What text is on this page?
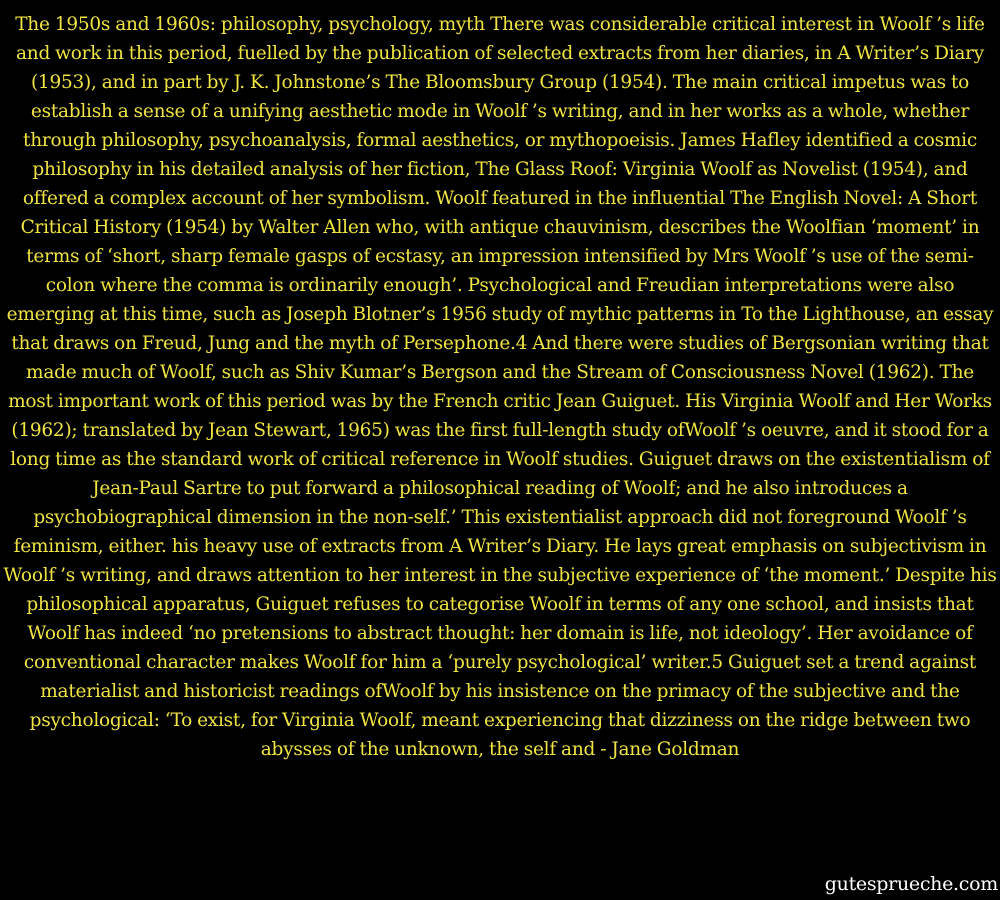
The 1950s and 1960s: philosophy, psychology, myth There was considerable critical interest in Woolf ’s life and work in this period, fuelled by the publication of selected extracts from her diaries, in A Writer’s Diary (1953), and in part by J. K. Johnstone’s The Bloomsbury Group (1954). The main critical impetus was to establish a sense of a unifying aesthetic mode in Woolf ’s writing, and in her works as a whole, whether through philosophy, psychoanalysis, formal aesthetics, or mythopoeisis. James Hafley identified a cosmic philosophy in his detailed analysis of her fiction, The Glass Roof: Virginia Woolf as Novelist (1954), and offered a complex account of her symbolism. Woolf featured in the influential The English Novel: A Short Critical History (1954) by Walter Allen who, with antique chauvinism, describes the Woolfian ‘moment’ in terms of ‘short, sharp female gasps of ecstasy, an impression intensified by Mrs Woolf ’s use of the semi-colon where the comma is ordinarily enough’. Psychological and Freudian interpretations were also emerging at this time, such as Joseph Blotner’s 1956 study of mythic patterns in To the Lighthouse, an essay that draws on Freud, Jung and the myth of Persephone.4 And there were studies of Bergsonian writing that made much of Woolf, such as Shiv Kumar’s Bergson and the Stream of Consciousness Novel (1962). The most important work of this period was by the French critic Jean Guiguet. His Virginia Woolf and Her Works (1962); translated by Jean Stewart, 1965) was the first full-length study ofWoolf ’s oeuvre, and it stood for a long time as the standard work of critical reference in Woolf studies. Guiguet draws on the existentialism of Jean-Paul Sartre to put forward a philosophical reading of Woolf; and he also introduces a psychobiographical dimension in the non-self.’ This existentialist approach did not foreground Woolf ’s feminism, either. his heavy use of extracts from A Writer’s Diary. He lays great emphasis on subjectivism in Woolf ’s writing, and draws attention to her interest in the subjective experience of ‘the moment.’ Despite his philosophical apparatus, Guiguet refuses to categorise Woolf in terms of any one school, and insists that Woolf has indeed ‘no pretensions to abstract thought: her domain is life, not ideology’. Her avoidance of conventional character makes Woolf for him a ‘purely psychological’ writer.5 Guiguet set a trend against materialist and historicist readings ofWoolf by his insistence on the primacy of the subjective and the psychological: ‘To exist, for Virginia Woolf, meant experiencing that dizziness on the ridge between two abysses of the unknown, the self and - Jane Goldman

gutesprueche.com
